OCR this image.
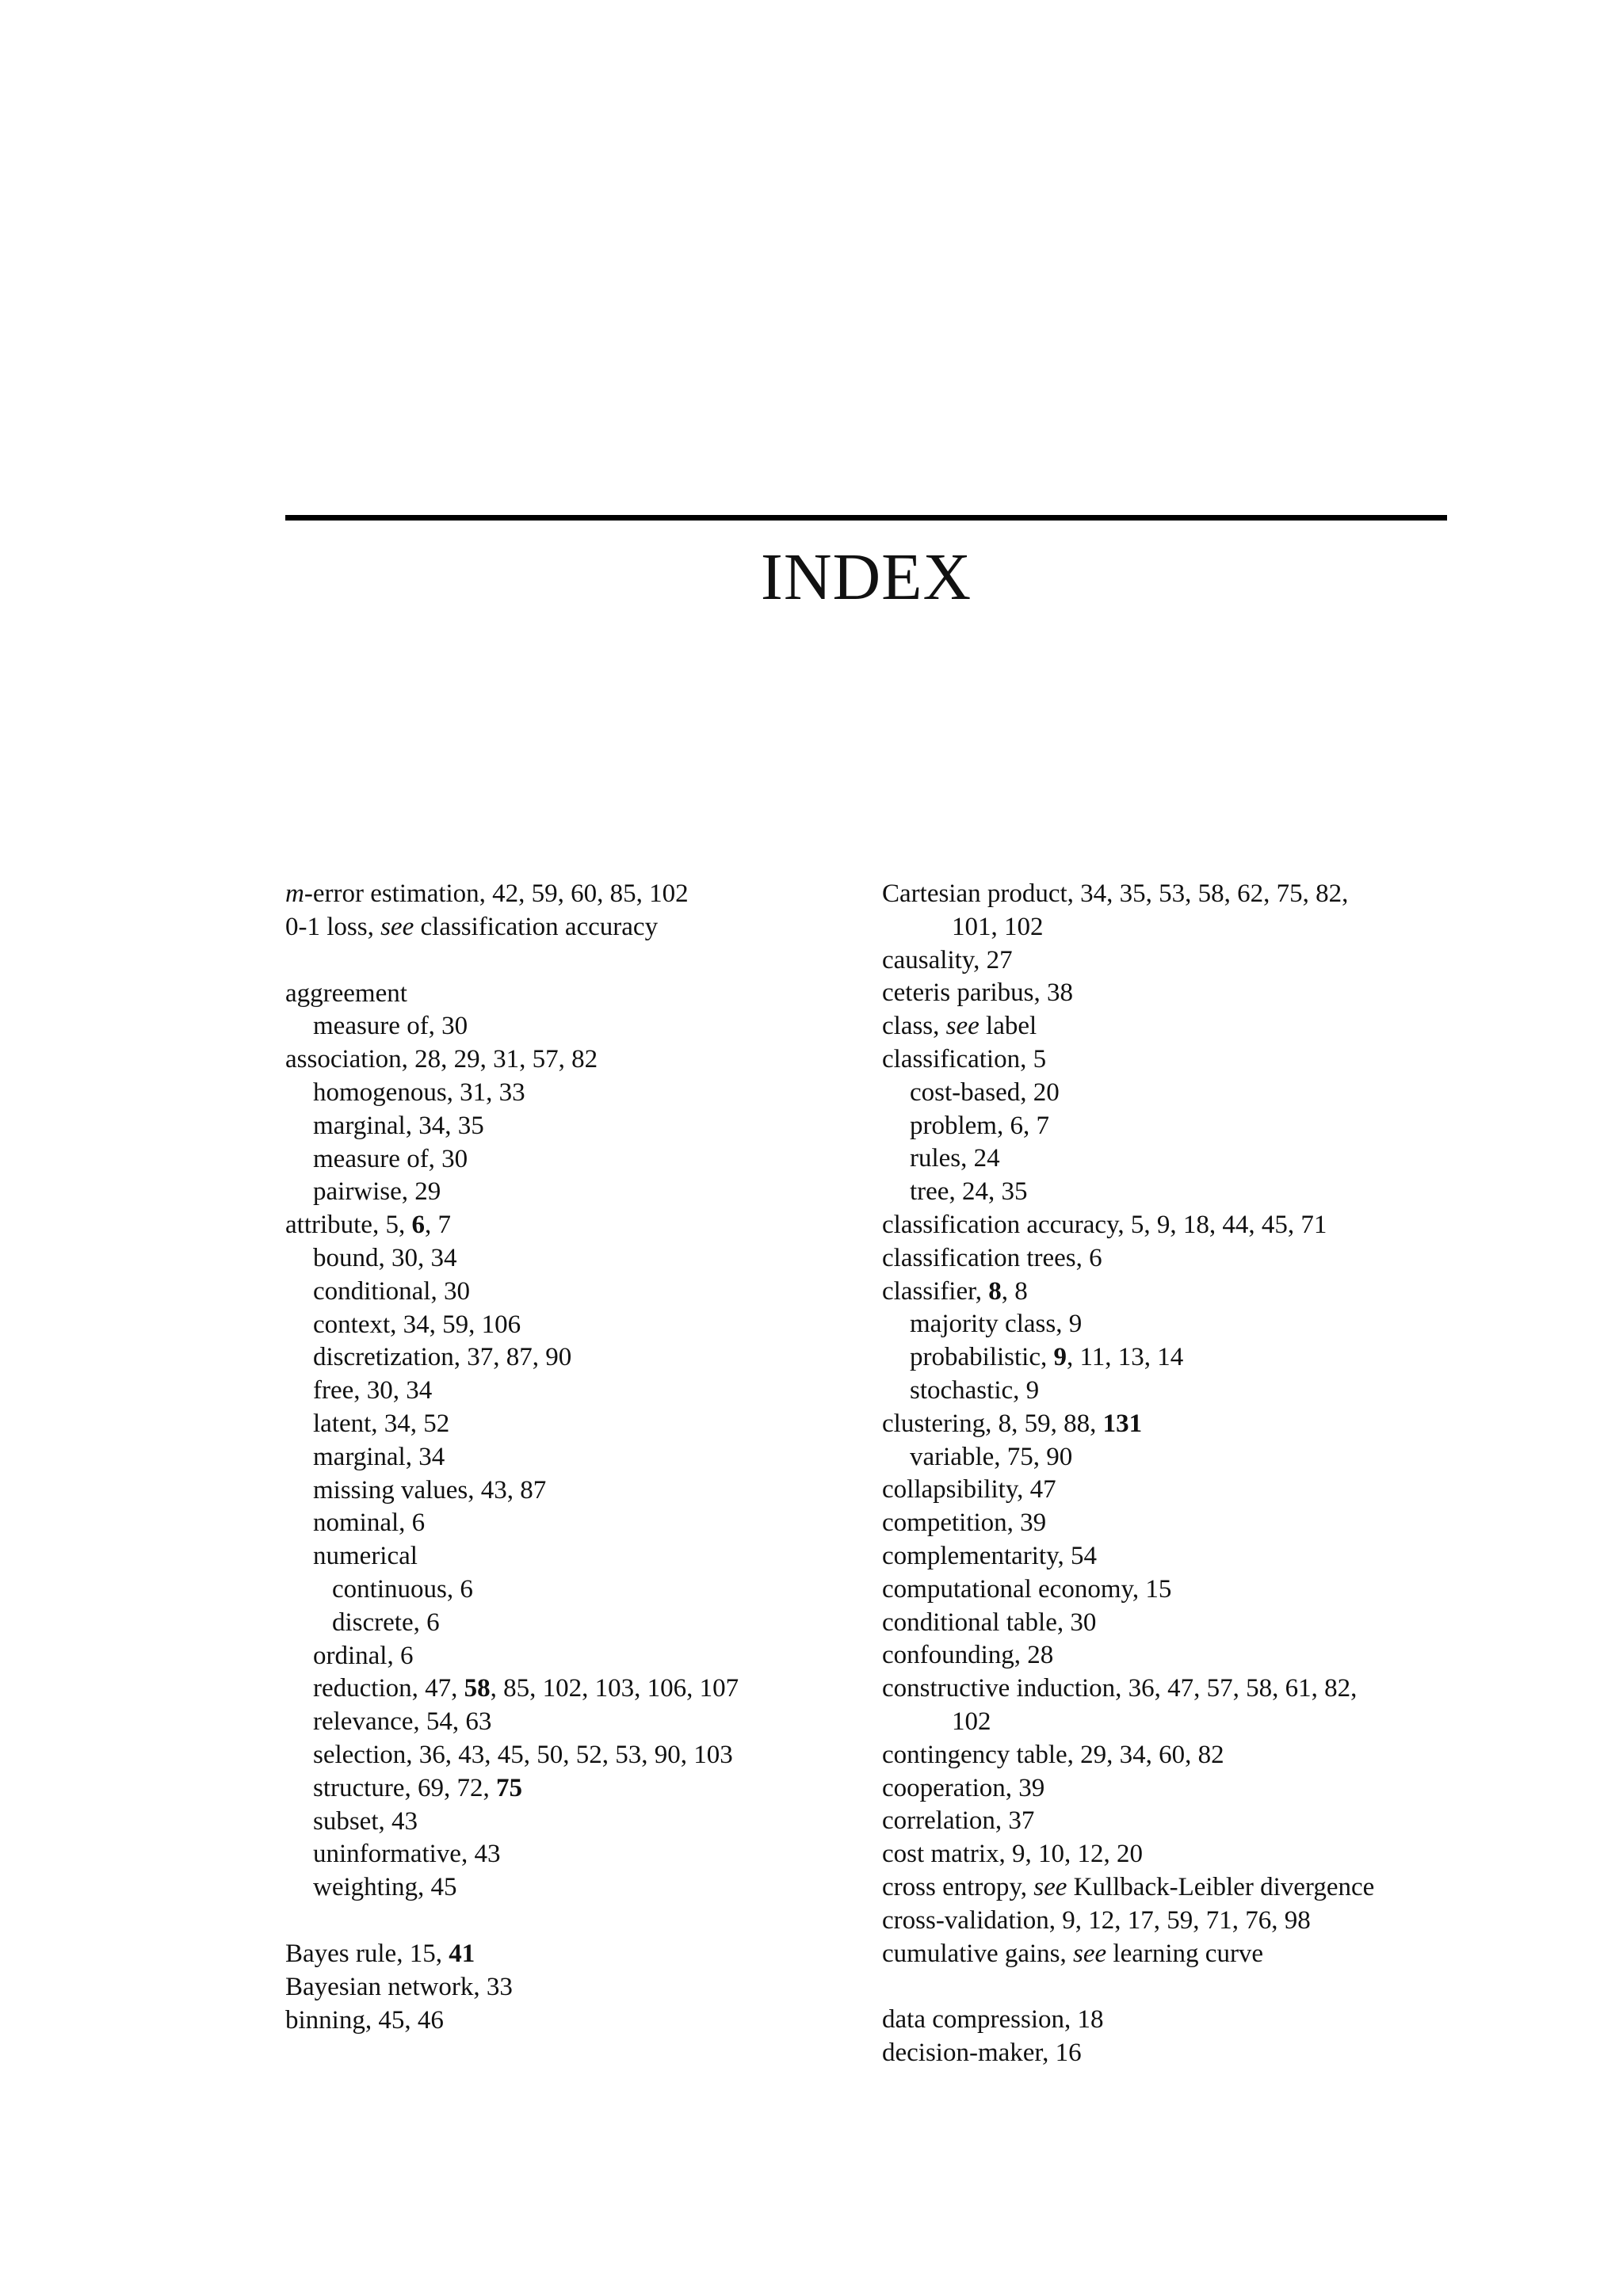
INDEX
m-error estimation, 42, 59, 60, 85, 102
0-1 loss, see classification accuracy
aggreement
measure of, 30
association, 28, 29, 31, 57, 82
homogenous, 31, 33
marginal, 34, 35
measure of, 30
pairwise, 29
attribute, 5, 6, 7
bound, 30, 34
conditional, 30
context, 34, 59, 106
discretization, 37, 87, 90
free, 30, 34
latent, 34, 52
marginal, 34
missing values, 43, 87
nominal, 6
numerical
continuous, 6
discrete, 6
ordinal, 6
reduction, 47, 58, 85, 102, 103, 106, 107
relevance, 54, 63
selection, 36, 43, 45, 50, 52, 53, 90, 103
structure, 69, 72, 75
subset, 43
uninformative, 43
weighting, 45
Bayes rule, 15, 41
Bayesian network, 33
binning, 45, 46
Cartesian product, 34, 35, 53, 58, 62, 75, 82,
101, 102
causality, 27
ceteris paribus, 38
class, see label
classification, 5
cost-based, 20
problem, 6, 7
rules, 24
tree, 24, 35
classification accuracy, 5, 9, 18, 44, 45, 71
classification trees, 6
classifier, 8, 8
majority class, 9
probabilistic, 9, 11, 13, 14
stochastic, 9
clustering, 8, 59, 88, 131
variable, 75, 90
collapsibility, 47
competition, 39
complementarity, 54
computational economy, 15
conditional table, 30
confounding, 28
constructive induction, 36, 47, 57, 58, 61, 82,
102
contingency table, 29, 34, 60, 82
cooperation, 39
correlation, 37
cost matrix, 9, 10, 12, 20
cross entropy, see Kullback-Leibler divergence
cross-validation, 9, 12, 17, 59, 71, 76, 98
cumulative gains, see learning curve
data compression, 18
decision-maker, 16
